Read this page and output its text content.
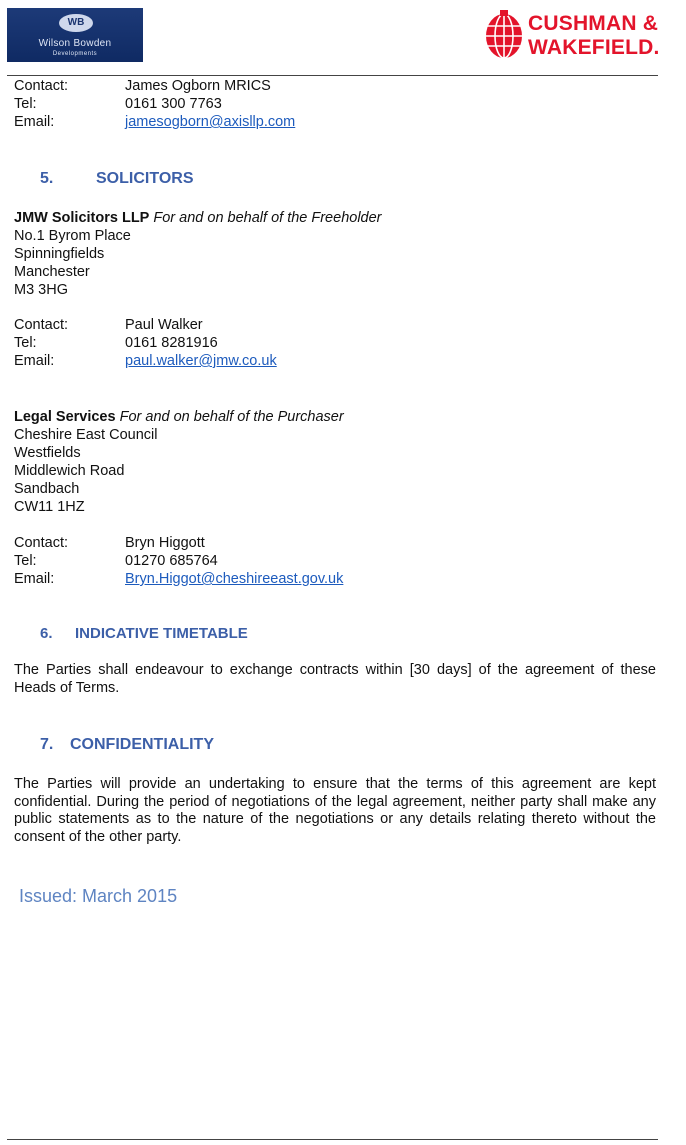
WB
Wilson Bowden
Developments
CUSHMAN &
WAKEFIELD.
Contact:	James Ogborn MRICS
Tel:	0161 300 7763
Email:	jamesogborn@axisllp.com
5.	SOLICITORS
JMW Solicitors LLP For and on behalf of the Freeholder
No.1 Byrom Place
Spinningfields
Manchester
M3 3HG
Contact:	Paul Walker
Tel:	0161 8281916
Email:	paul.walker@jmw.co.uk
Legal Services For and on behalf of the Purchaser
Cheshire East Council
Westfields
Middlewich Road
Sandbach
CW11 1HZ
Contact:	Bryn Higgott
Tel:	01270 685764
Email:	Bryn.Higgot@cheshireeast.gov.uk
6. INDICATIVE TIMETABLE
The Parties shall endeavour to exchange contracts within [30 days] of the agreement of these Heads of Terms.
7. CONFIDENTIALITY
The Parties will provide an undertaking to ensure that the terms of this agreement are kept confidential. During the period of negotiations of the legal agreement, neither party shall make any public statements as to the nature of the negotiations or any details relating thereto without the consent of the other party.
Issued: March 2015
